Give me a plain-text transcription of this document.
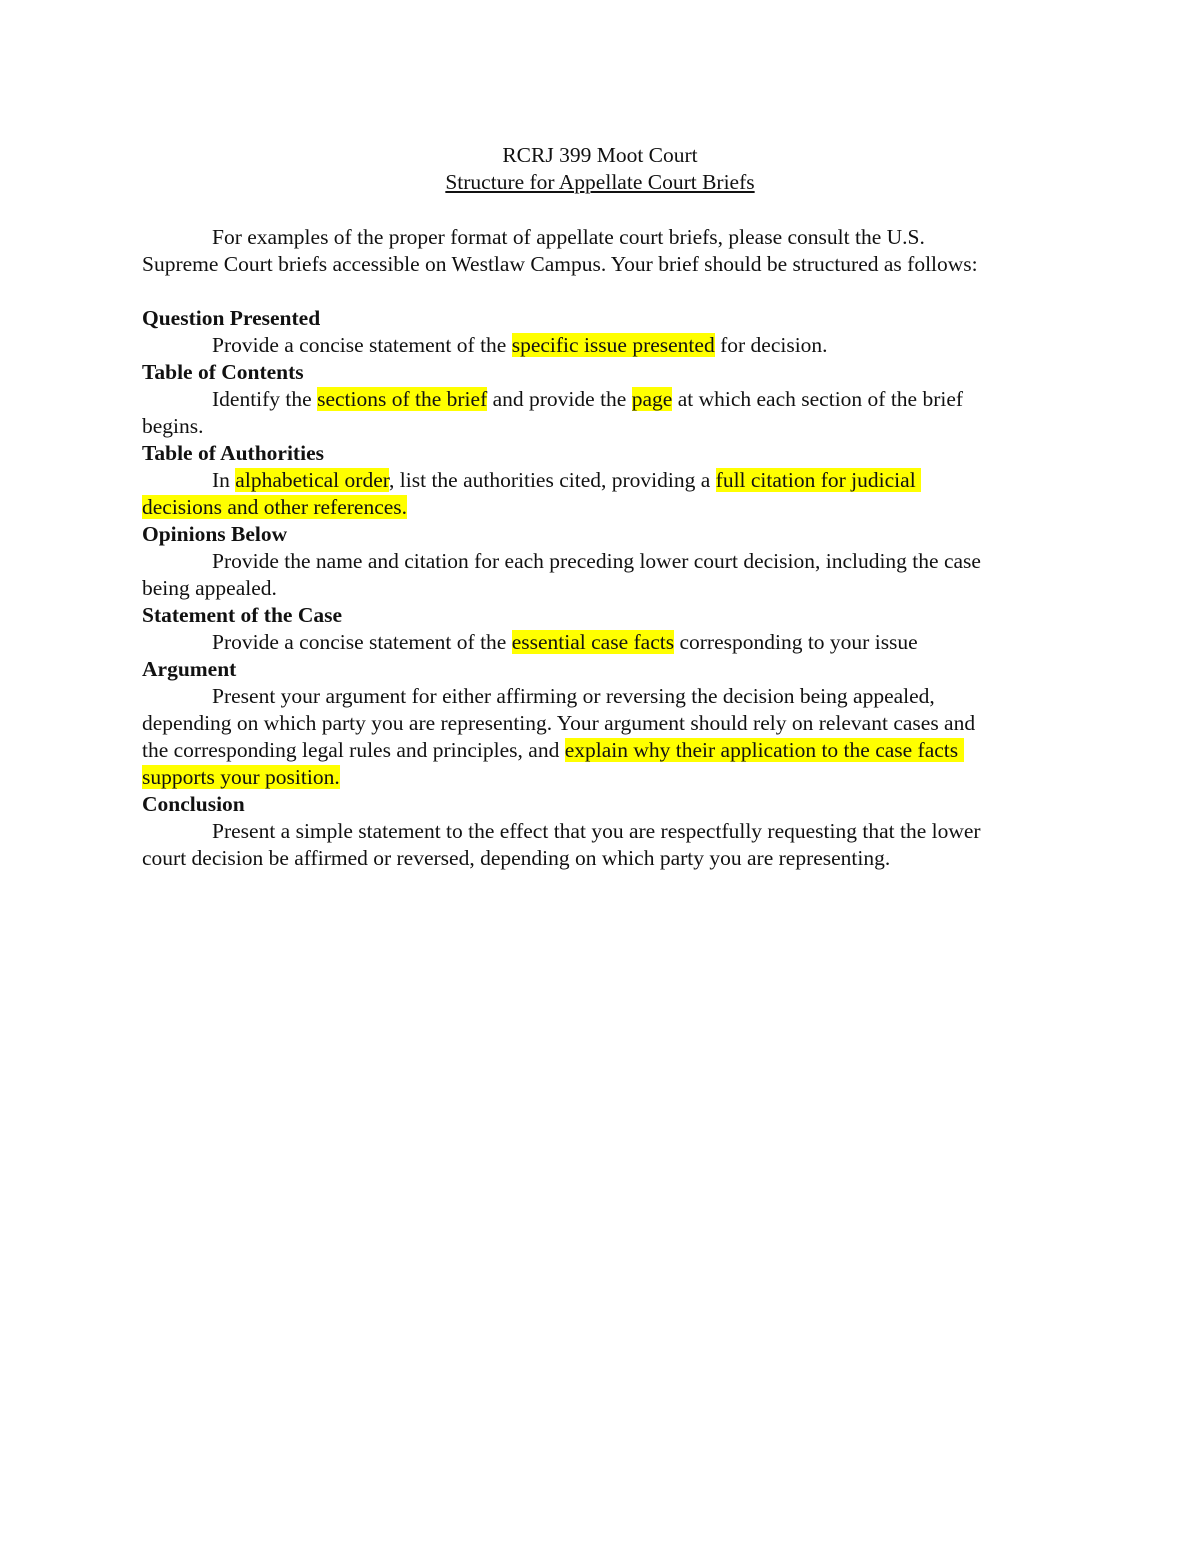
RCRJ 399 Moot Court
Structure for Appellate Court Briefs
For examples of the proper format of appellate court briefs, please consult the U.S.
Supreme Court briefs accessible on Westlaw Campus. Your brief should be structured as follows:
Question Presented
Provide a concise statement of the specific issue presented for decision.
Table of Contents
Identify the sections of the brief and provide the page at which each section of the brief
begins.
Table of Authorities
In alphabetical order, list the authorities cited, providing a full citation for judicial
decisions and other references.
Opinions Below
Provide the name and citation for each preceding lower court decision, including the case
being appealed.
Statement of the Case
Provide a concise statement of the essential case facts corresponding to your issue
Argument
Present your argument for either affirming or reversing the decision being appealed,
depending on which party you are representing. Your argument should rely on relevant cases and
the corresponding legal rules and principles, and explain why their application to the case facts
supports your position.
Conclusion
Present a simple statement to the effect that you are respectfully requesting that the lower
court decision be affirmed or reversed, depending on which party you are representing.
